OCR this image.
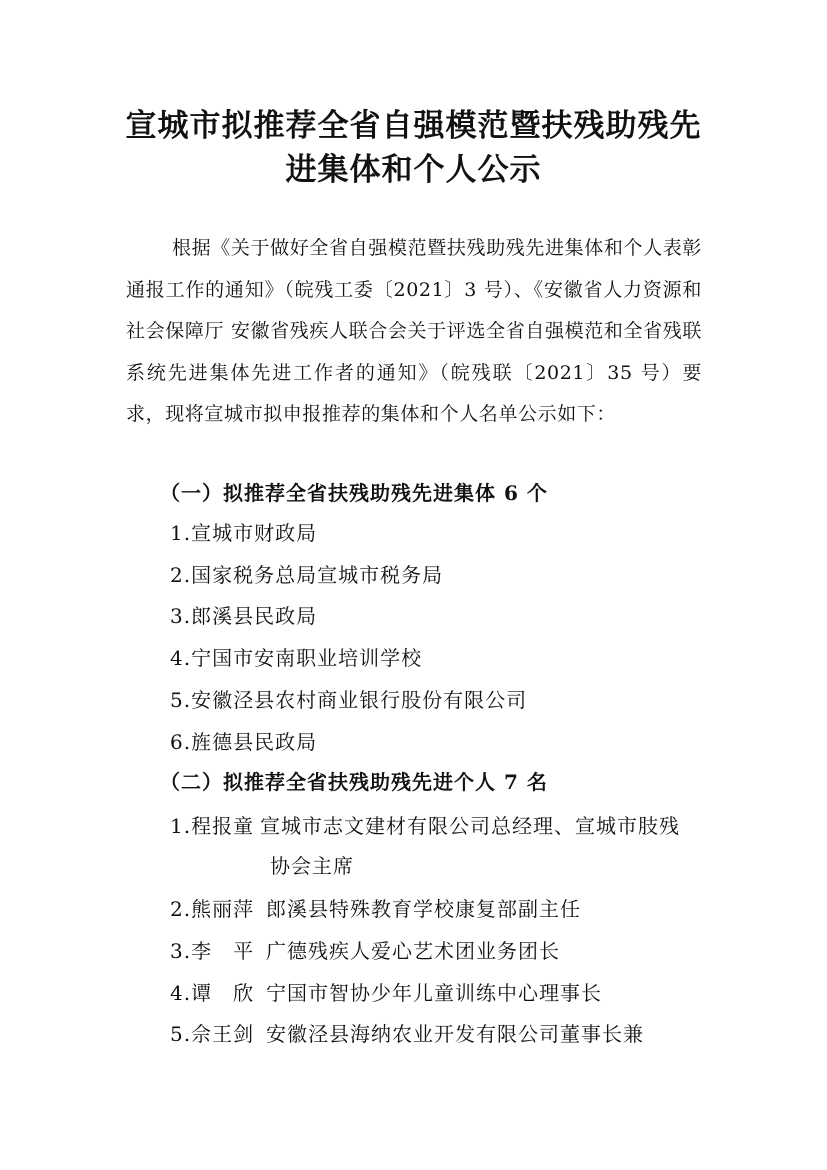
宣城市拟推荐全省自强模范暨扶残助残先
进集体和个人公示

根据《关于做好全省自强模范暨扶残助残先进集体和个人表彰通报工作的通知》（皖残工委〔2021〕3 号）、《安徽省人力资源和社会保障厅 安徽省残疾人联合会关于评选全省自强模范和全省残联系统先进集体先进工作者的通知》（皖残联〔2021〕35 号）要求，现将宣城市拟申报推荐的集体和个人名单公示如下：

（一）拟推荐全省扶残助残先进集体 6 个
1.宣城市财政局
2.国家税务总局宣城市税务局
3.郎溪县民政局
4.宁国市安南职业培训学校
5.安徽泾县农村商业银行股份有限公司
6.旌德县民政局
（二）拟推荐全省扶残助残先进个人 7 名
1.程报童 宣城市志文建材有限公司总经理、宣城市肢残
协会主席
2.熊丽萍 郎溪县特殊教育学校康复部副主任
3.李　平 广德残疾人爱心艺术团业务团长
4.谭　欣 宁国市智协少年儿童训练中心理事长
5.佘王剑 安徽泾县海纳农业开发有限公司董事长兼
